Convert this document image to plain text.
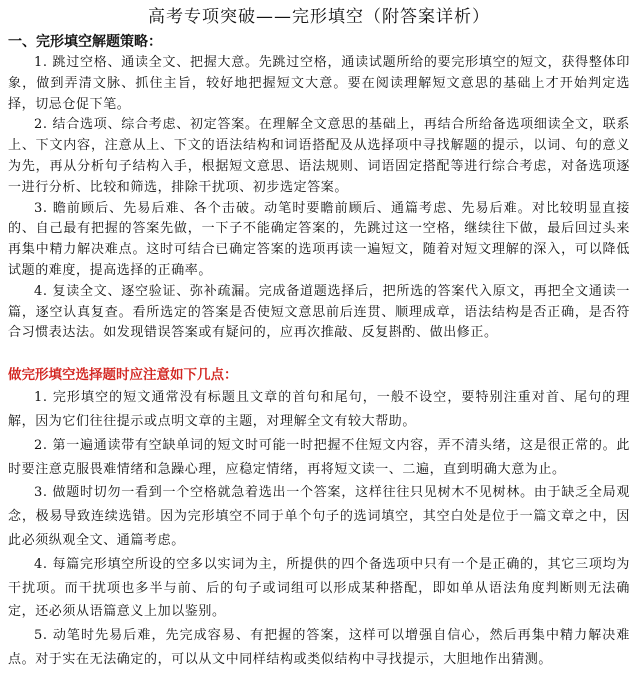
高考专项突破——完形填空（附答案详析）
一、完形填空解题策略：

1. 跳过空格、通读全文、把握大意。先跳过空格，通读试题所给的要完形填空的短文，获得整体印象，做到弄清文脉、抓住主旨，较好地把握短文大意。要在阅读理解短文意思的基础上才开始判定选择，切忌仓促下笔。

2. 结合选项、综合考虑、初定答案。在理解全文意思的基础上，再结合所给备选项细读全文，联系上、下文内容，注意从上、下文的语法结构和词语搭配及从选择项中寻找解题的提示，以词、句的意义为先，再从分析句子结构入手，根据短文意思、语法规则、词语固定搭配等进行综合考虑，对备选项逐一进行分析、比较和筛选，排除干扰项、初步选定答案。

3. 瞻前顾后、先易后难、各个击破。动笔时要瞻前顾后、通篇考虑、先易后难。对比较明显直接的、自己最有把握的答案先做，一下子不能确定答案的，先跳过这一空格，继续往下做，最后回过头来再集中精力解决难点。这时可结合已确定答案的选项再读一遍短文，随着对短文理解的深入，可以降低试题的难度，提高选择的正确率。

4. 复读全文、逐空验证、弥补疏漏。完成备道题选择后，把所选的答案代入原文，再把全文通读一篇，逐空认真复查。看所选定的答案是否使短文意思前后连贯、顺理成章，语法结构是否正确，是否符合习惯表达法。如发现错误答案或有疑问的，应再次推敲、反复斟酌、做出修正。

做完形填空选择题时应注意如下几点：

1. 完形填空的短文通常没有标题且文章的首句和尾句，一般不设空，要特别注重对首、尾句的理解，因为它们往往提示或点明文章的主题，对理解全文有较大帮助。

2. 第一遍通读带有空缺单词的短文时可能一时把握不住短文内容，弄不清头绪，这是很正常的。此时要注意克服畏难情绪和急躁心理，应稳定情绪，再将短文读一、二遍，直到明确大意为止。

3. 做题时切勿一看到一个空格就急着选出一个答案，这样往往只见树木不见树林。由于缺乏全局观念，极易导致连续选错。因为完形填空不同于单个句子的选词填空，其空白处是位于一篇文章之中，因此必须纵观全文、通篇考虑。

4. 每篇完形填空所设的空多以实词为主，所提供的四个备选项中只有一个是正确的，其它三项均为干扰项。而干扰项也多半与前、后的句子或词组可以形成某种搭配，即如单从语法角度判断则无法确定，还必须从语篇意义上加以鉴别。

5. 动笔时先易后难，先完成容易、有把握的答案，这样可以增强自信心，然后再集中精力解决难点。对于实在无法确定的，可以从文中同样结构或类似结构中寻找提示，大胆地作出猜测。
